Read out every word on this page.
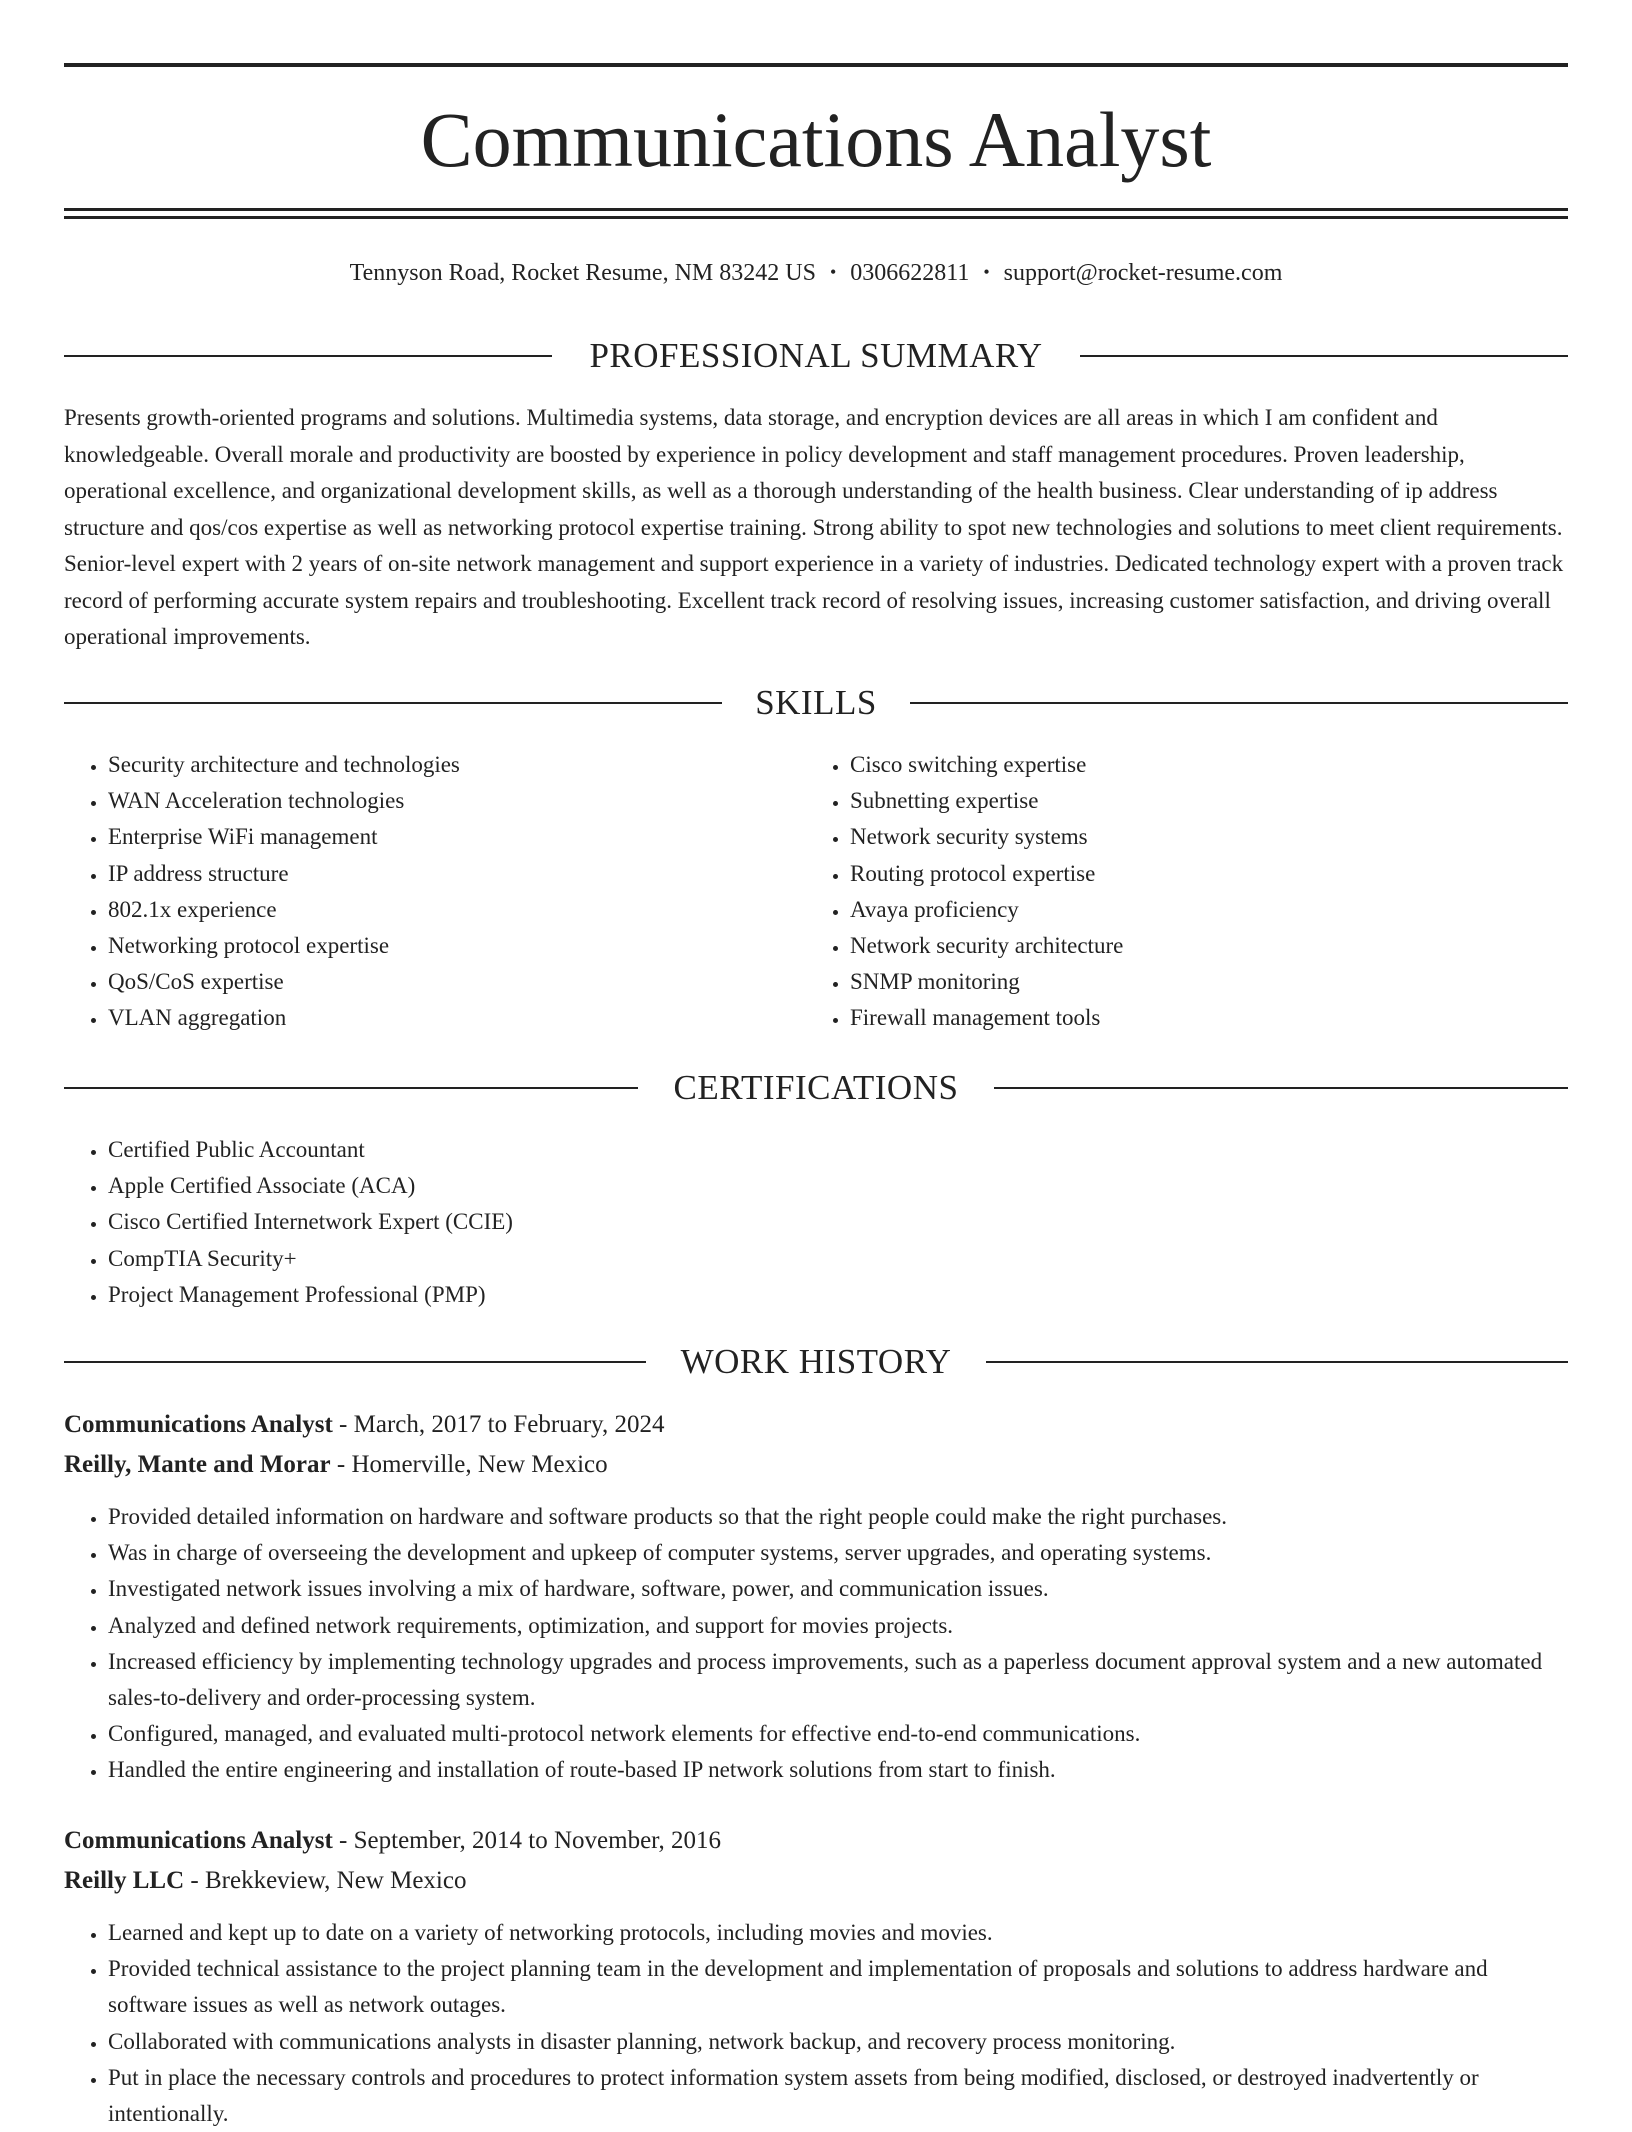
Communications Analyst
Tennyson Road, Rocket Resume, NM 83242 US • 0306622811 • support@rocket-resume.com
PROFESSIONAL SUMMARY

Presents growth-oriented programs and solutions. Multimedia systems, data storage, and encryption devices are all areas in which I am confident and knowledgeable. Overall morale and productivity are boosted by experience in policy development and staff management procedures. Proven leadership, operational excellence, and organizational development skills, as well as a thorough understanding of the health business. Clear understanding of ip address structure and qos/cos expertise as well as networking protocol expertise training. Strong ability to spot new technologies and solutions to meet client requirements. Senior-level expert with 2 years of on-site network management and support experience in a variety of industries. Dedicated technology expert with a proven track record of performing accurate system repairs and troubleshooting. Excellent track record of resolving issues, increasing customer satisfaction, and driving overall operational improvements.

SKILLS
• Security architecture and technologies
• WAN Acceleration technologies
• Enterprise WiFi management
• IP address structure
• 802.1x experience
• Networking protocol expertise
• QoS/CoS expertise
• VLAN aggregation
• Cisco switching expertise
• Subnetting expertise
• Network security systems
• Routing protocol expertise
• Avaya proficiency
• Network security architecture
• SNMP monitoring
• Firewall management tools
CERTIFICATIONS
• Certified Public Accountant
• Apple Certified Associate (ACA)
• Cisco Certified Internetwork Expert (CCIE)
• CompTIA Security+
• Project Management Professional (PMP)
WORK HISTORY
Communications Analyst - March, 2017 to February, 2024
Reilly, Mante and Morar - Homerville, New Mexico
• Provided detailed information on hardware and software products so that the right people could make the right purchases.
• Was in charge of overseeing the development and upkeep of computer systems, server upgrades, and operating systems.
• Investigated network issues involving a mix of hardware, software, power, and communication issues.
• Analyzed and defined network requirements, optimization, and support for movies projects.
• Increased efficiency by implementing technology upgrades and process improvements, such as a paperless document approval system and a new automated sales-to-delivery and order-processing system.
• Configured, managed, and evaluated multi-protocol network elements for effective end-to-end communications.
• Handled the entire engineering and installation of route-based IP network solutions from start to finish.
Communications Analyst - September, 2014 to November, 2016
Reilly LLC - Brekkeview, New Mexico
• Learned and kept up to date on a variety of networking protocols, including movies and movies.
• Provided technical assistance to the project planning team in the development and implementation of proposals and solutions to address hardware and software issues as well as network outages.
• Collaborated with communications analysts in disaster planning, network backup, and recovery process monitoring.
• Put in place the necessary controls and procedures to protect information system assets from being modified, disclosed, or destroyed inadvertently or intentionally.
